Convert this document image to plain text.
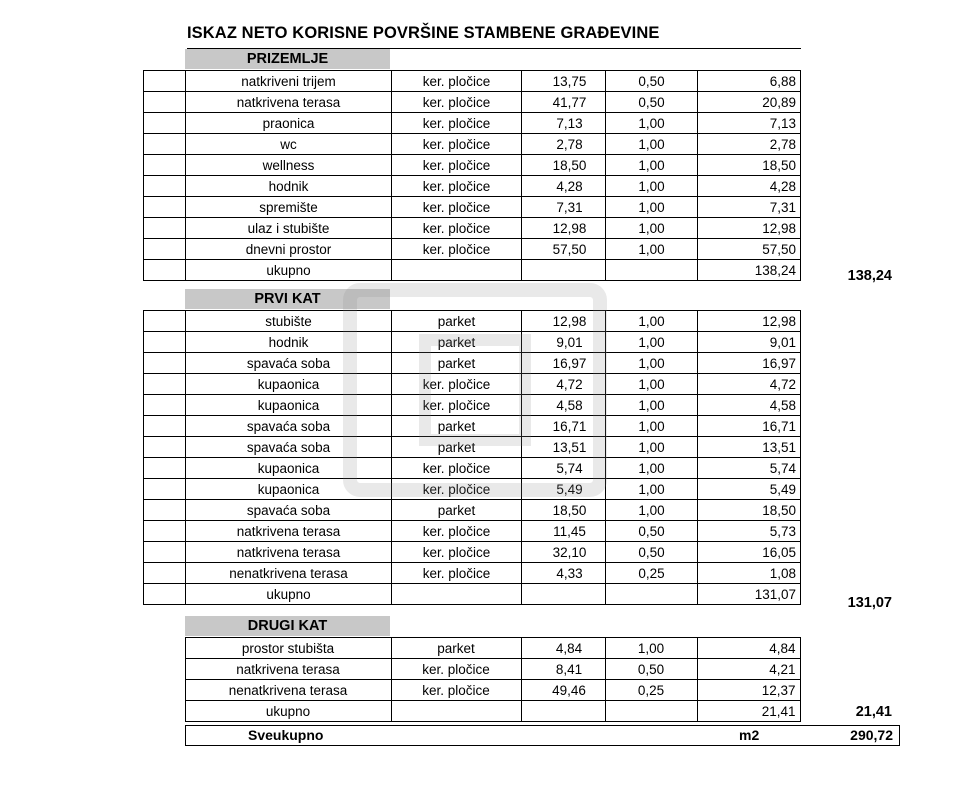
ISKAZ NETO KORISNE POVRŠINE STAMBENE GRAĐEVINE
PRIZEMLJE
	natkriveni trijem	ker. pločice	13,75	0,50	6,88
	natkrivena terasa	ker. pločice	41,77	0,50	20,89
	praonica	ker. pločice	7,13	1,00	7,13
	wc	ker. pločice	2,78	1,00	2,78
	wellness	ker. pločice	18,50	1,00	18,50
	hodnik	ker. pločice	4,28	1,00	4,28
	spremište	ker. pločice	7,31	1,00	7,31
	ulaz i stubište	ker. pločice	12,98	1,00	12,98
	dnevni prostor	ker. pločice	57,50	1,00	57,50
	ukupno				138,24	138,24
PRVI KAT
	stubište	parket	12,98	1,00	12,98
	hodnik	parket	9,01	1,00	9,01
	spavaća soba	parket	16,97	1,00	16,97
	kupaonica	ker. pločice	4,72	1,00	4,72
	kupaonica	ker. pločice	4,58	1,00	4,58
	spavaća soba	parket	16,71	1,00	16,71
	spavaća soba	parket	13,51	1,00	13,51
	kupaonica	ker. pločice	5,74	1,00	5,74
	kupaonica	ker. pločice	5,49	1,00	5,49
	spavaća soba	parket	18,50	1,00	18,50
	natkrivena terasa	ker. pločice	11,45	0,50	5,73
	natkrivena terasa	ker. pločice	32,10	0,50	16,05
	nenatkrivena terasa	ker. pločice	4,33	0,25	1,08
	ukupno				131,07
131,07
DRUGI KAT
	prostor stubišta	parket	4,84	1,00	4,84
	natkrivena terasa	ker. pločice	8,41	0,50	4,21
	nenatkrivena terasa	ker. pločice	49,46	0,25	12,37
	ukupno				21,41	21,41
Sveukupno	m2	290,72
